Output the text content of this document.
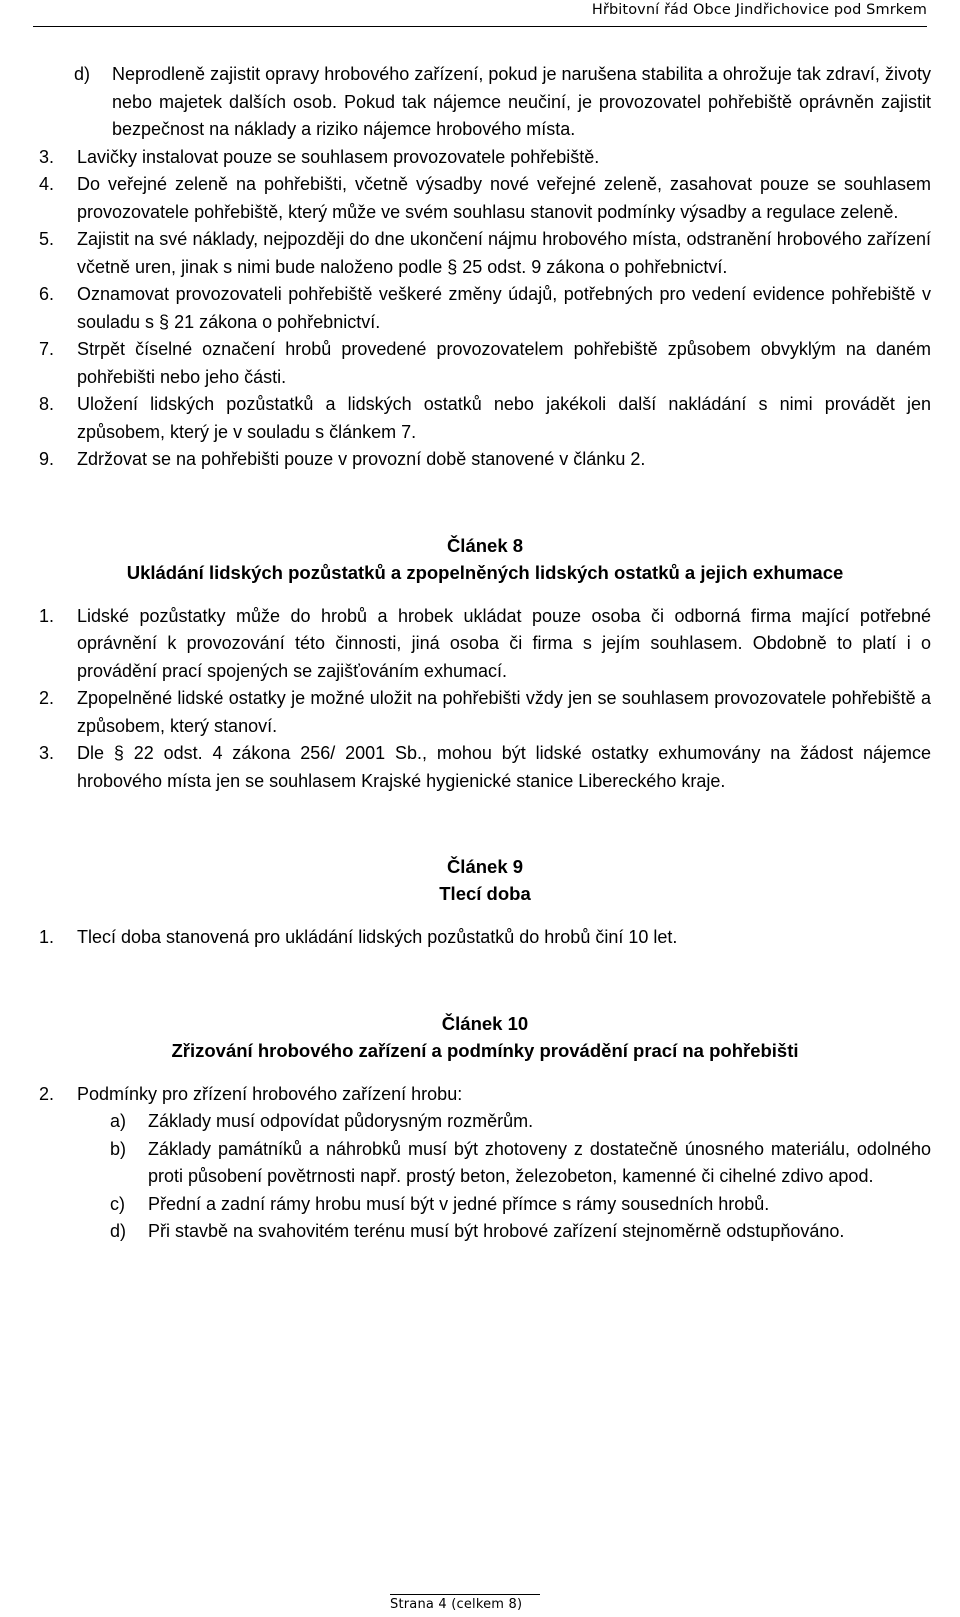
Hřbitovní řád Obce Jindřichovice pod Smrkem
d)	Neprodleně zajistit opravy hrobového zařízení, pokud je narušena stabilita a ohrožuje tak zdraví, životy nebo majetek dalších osob. Pokud tak nájemce neučiní, je provozovatel pohřebiště oprávněn zajistit bezpečnost na náklady a riziko nájemce hrobového místa.
3.	Lavičky instalovat pouze se souhlasem provozovatele pohřebiště.
4.	Do veřejné zeleně na pohřebišti, včetně výsadby nové veřejné zeleně, zasahovat pouze se souhlasem provozovatele pohřebiště, který může ve svém souhlasu stanovit podmínky výsadby a regulace zeleně.
5.	Zajistit na své náklady, nejpozději do dne ukončení nájmu hrobového místa, odstranění hrobového zařízení včetně uren, jinak s nimi bude naloženo podle § 25 odst. 9 zákona o pohřebnictví.
6.	Oznamovat provozovateli pohřebiště veškeré změny údajů, potřebných pro vedení evidence pohřebiště v souladu s § 21 zákona o pohřebnictví.
7.	Strpět číselné označení hrobů provedené provozovatelem pohřebiště způsobem obvyklým na daném pohřebišti nebo jeho části.
8.	Uložení lidských pozůstatků a lidských ostatků nebo jakékoli další nakládání s nimi provádět jen způsobem, který je v souladu s článkem 7.
9.	Zdržovat se na pohřebišti pouze v provozní době stanovené v článku 2.
Článek 8
Ukládání lidských pozůstatků a zpopelněných lidských ostatků a jejich exhumace
1.	Lidské pozůstatky může do hrobů a hrobek ukládat pouze osoba či odborná firma mající potřebné oprávnění k provozování této činnosti, jiná osoba či firma s jejím souhlasem. Obdobně to platí i o provádění prací spojených se zajišťováním exhumací.
2.	Zpopelněné lidské ostatky je možné uložit na pohřebišti vždy jen se souhlasem provozovatele pohřebiště a způsobem, který stanoví.
3.	Dle § 22 odst. 4 zákona 256/ 2001 Sb., mohou být lidské ostatky exhumovány na žádost nájemce hrobového místa jen se souhlasem Krajské hygienické stanice Libereckého kraje.
Článek 9
Tlecí doba
1.	Tlecí doba stanovená pro ukládání lidských pozůstatků do hrobů činí 10 let.
Článek 10
Zřizování hrobového zařízení a podmínky provádění prací na pohřebišti
2.	Podmínky pro zřízení hrobového zařízení hrobu:
a)	Základy musí odpovídat půdorysným rozměrům.
b)	Základy památníků a náhrobků musí být zhotoveny z dostatečně únosného materiálu, odolného proti působení povětrnosti např. prostý beton, železobeton, kamenné či cihelné zdivo apod.
c)	Přední a zadní rámy hrobu musí být v jedné přímce s rámy sousedních hrobů.
d)	Při stavbě na svahovitém terénu musí být hrobové zařízení stejnoměrně odstupňováno.
Strana 4 (celkem 8)
